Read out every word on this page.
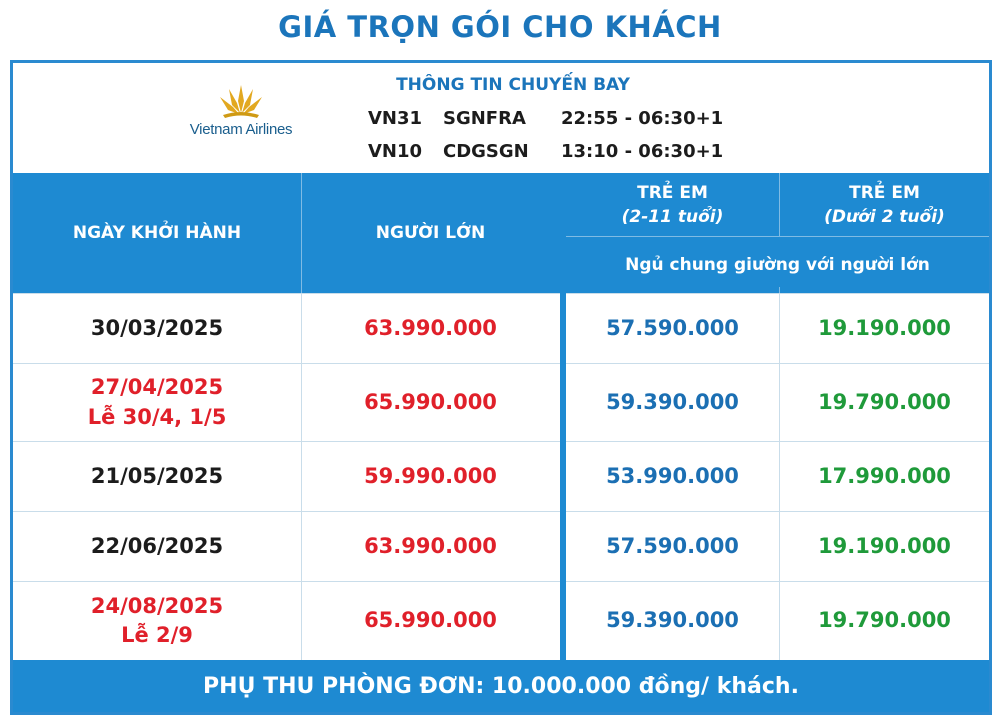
GIÁ TRỌN GÓI CHO KHÁCH
Vietnam Airlines
THÔNG TIN CHUYẾN BAY
VN31 SGNFRA 22:55 - 06:30+1
VN10 CDGSGN 13:10 - 06:30+1
NGÀY KHỞI HÀNH	NGƯỜI LỚN
TRẺ EM
(2-11 tuổi)
TRẺ EM
(Dưới 2 tuổi)
Ngủ chung giường với người lớn
30/03/2025	63.990.000	57.590.000	19.190.000
27/04/2025
Lễ 30/4, 1/5
65.990.000	59.390.000	19.790.000
21/05/2025	59.990.000	53.990.000	17.990.000
22/06/2025	63.990.000	57.590.000	19.190.000
24/08/2025
Lễ 2/9
65.990.000	59.390.000	19.790.000
PHỤ THU PHÒNG ĐƠN: 10.000.000 đồng/ khách.
